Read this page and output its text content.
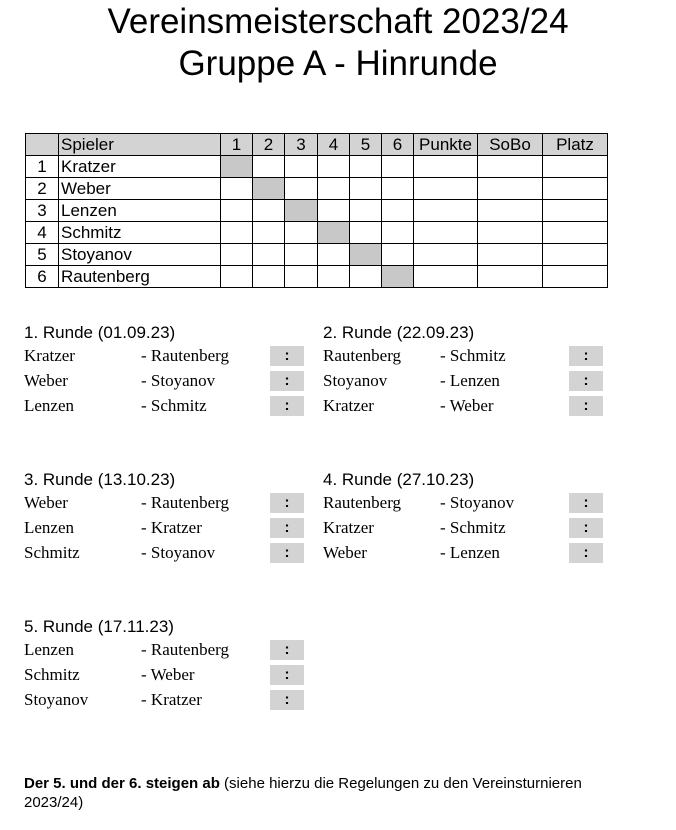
Vereinsmeisterschaft 2023/24
Gruppe A - Hinrunde
	Spieler	1	2	3	4	5	6	Punkte	SoBo	Platz
1	Kratzer									
2	Weber									
3	Lenzen									
4	Schmitz									
5	Stoyanov									
6	Rautenberg									
1. Runde (01.09.23)
Kratzer	- Rautenberg	:
Weber	- Stoyanov	:
Lenzen	- Schmitz	:
2. Runde (22.09.23)
Rautenberg - Schmitz	:
Stoyanov	- Lenzen	:
Kratzer	- Weber	:
3. Runde (13.10.23)
Weber	- Rautenberg	:
Lenzen	- Kratzer	:
Schmitz	- Stoyanov	:
4. Runde (27.10.23)
Rautenberg - Stoyanov	:
Kratzer	- Schmitz	:
Weber	- Lenzen	:
5. Runde (17.11.23)
Lenzen	- Rautenberg	:
Schmitz	- Weber	:
Stoyanov	- Kratzer	:
Der 5. und der 6. steigen ab (siehe hierzu die Regelungen zu den Vereinsturnieren 2023/24)
